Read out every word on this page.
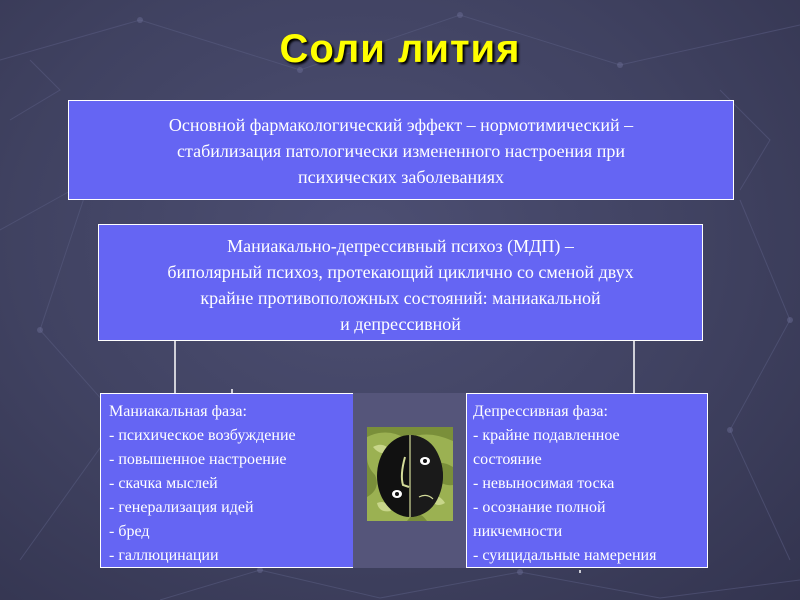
Соли лития

Основной фармакологический эффект – нормотимический –

стабилизация патологически измененного настроения при

психических заболеваниях

Маниакально-депрессивный психоз (МДП) –

биполярный психоз, протекающий циклично со сменой двух

крайне противоположных состояний: маниакальной

и депрессивной

Маниакальная фаза:
- психическое возбуждение
- повышенное настроение
- скачка мыслей
- генерализация идей
- бред
- галлюцинации
Депрессивная фаза:
- крайне подавленное
состояние
- невыносимая тоска
- осознание полной
никчемности
- суицидальные намерения
